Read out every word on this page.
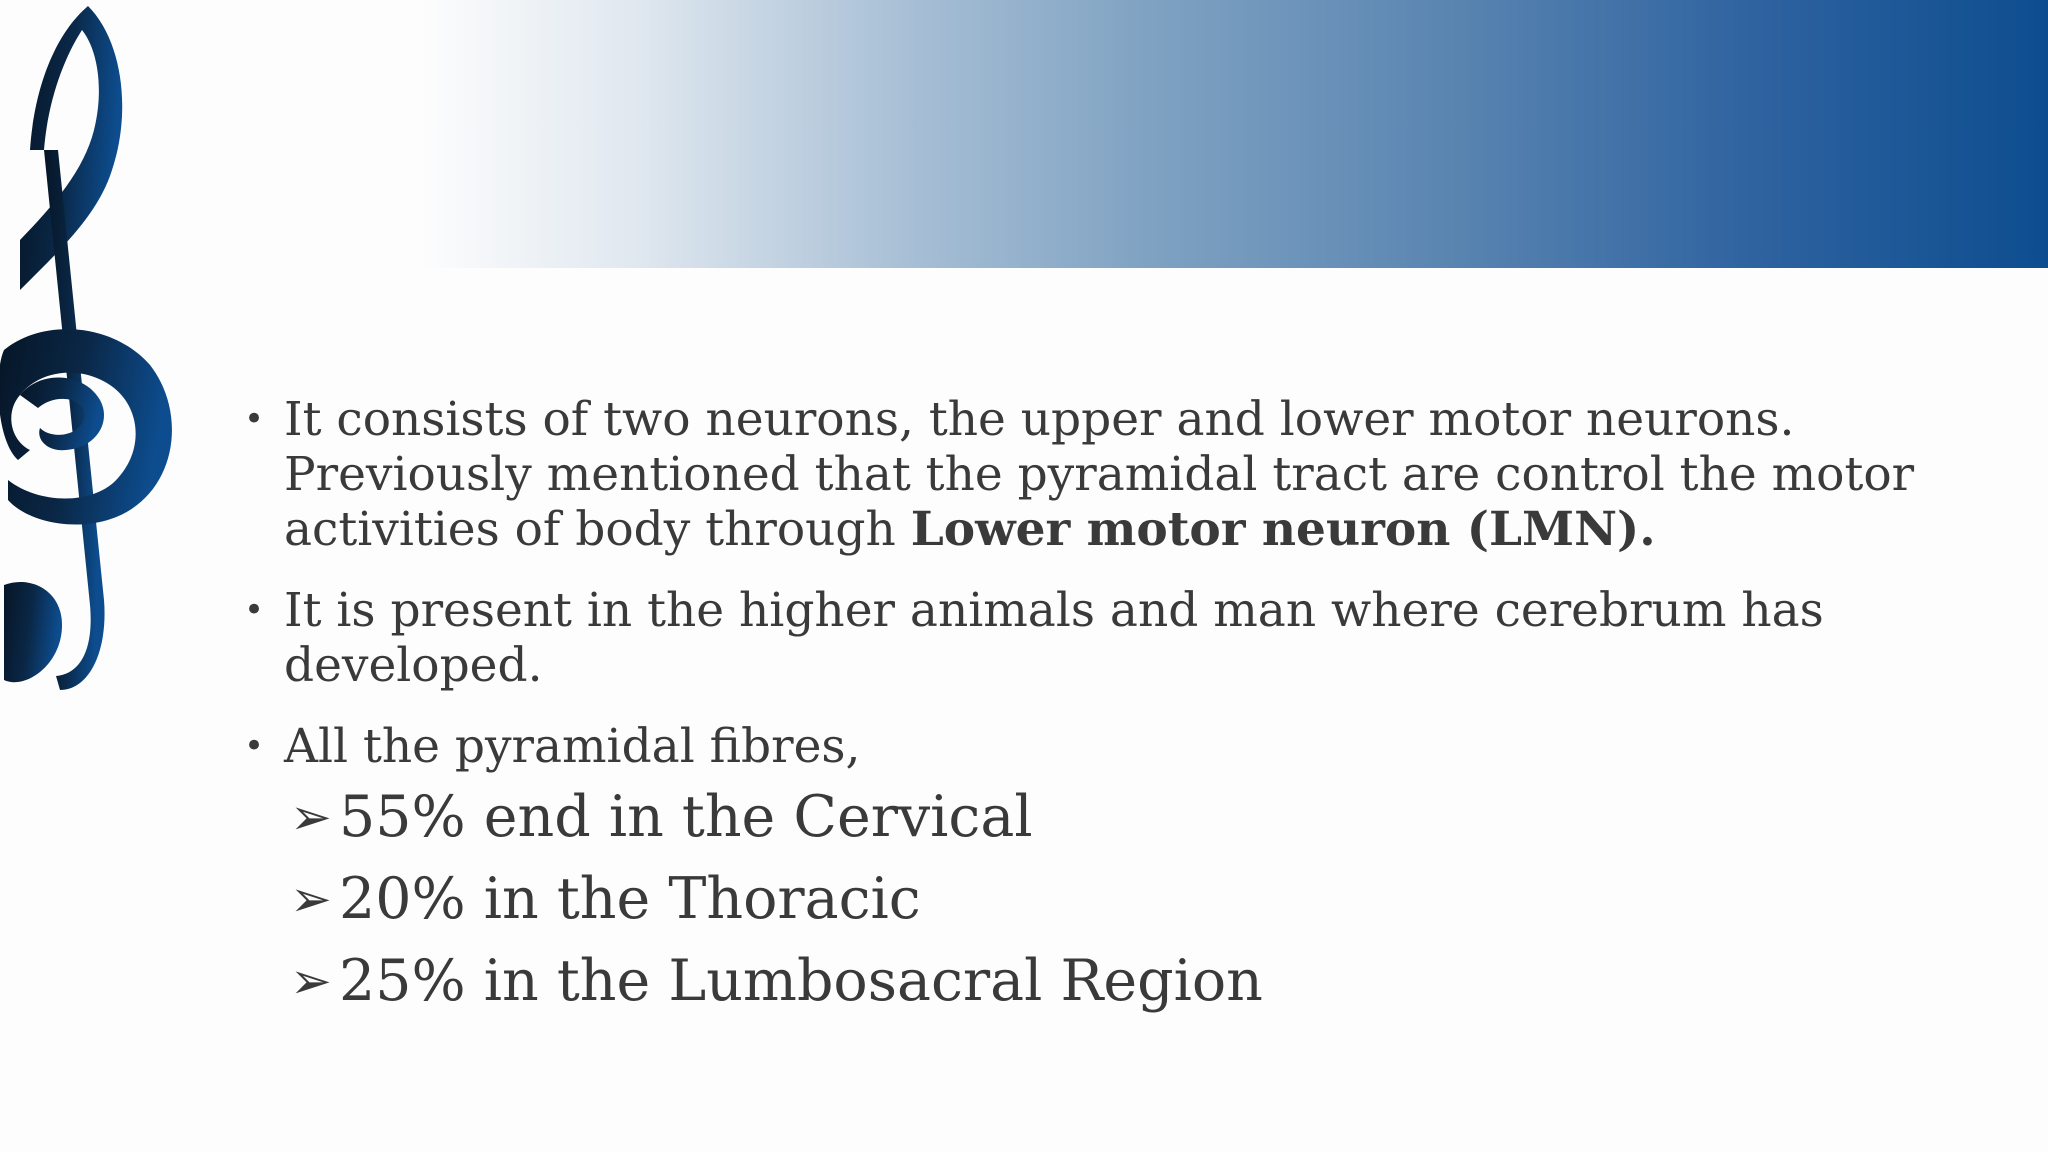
• It consists of two neurons, the upper and lower motor neurons. Previously mentioned that the pyramidal tract are control the motor activities of body through Lower motor neuron (LMN).
• It is present in the higher animals and man where cerebrum has developed.
• All the pyramidal fibres,
➢ 55% end in the Cervical
➢ 20% in the Thoracic
➢ 25% in the Lumbosacral Region
